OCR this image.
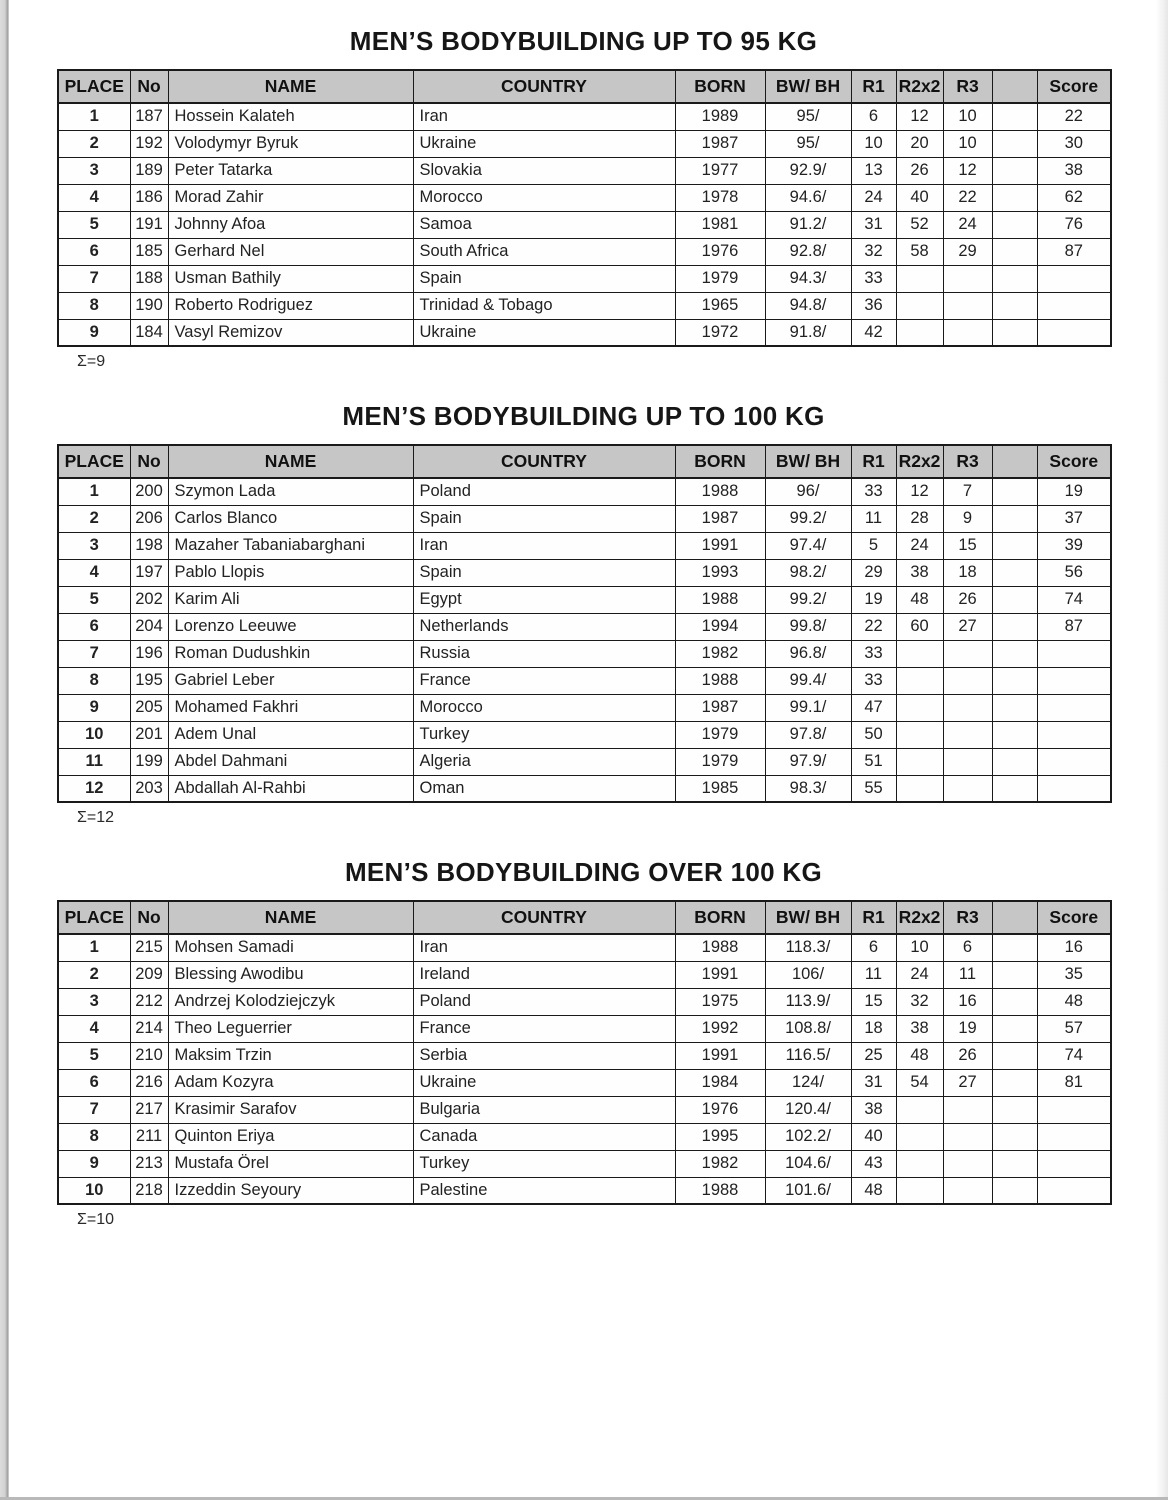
MEN’S BODYBUILDING UP TO 95 KG
PLACE	No	NAME	COUNTRY	BORN	BW/ BH	R1	R2x2	R3		Score
1	187	Hossein Kalateh	Iran	1989	95/	6	12	10		22
2	192	Volodymyr Byruk	Ukraine	1987	95/	10	20	10		30
3	189	Peter Tatarka	Slovakia	1977	92.9/	13	26	12		38
4	186	Morad Zahir	Morocco	1978	94.6/	24	40	22		62
5	191	Johnny Afoa	Samoa	1981	91.2/	31	52	24		76
6	185	Gerhard Nel	South Africa	1976	92.8/	32	58	29		87
7	188	Usman Bathily	Spain	1979	94.3/	33				
8	190	Roberto Rodriguez	Trinidad & Tobago	1965	94.8/	36				
9	184	Vasyl Remizov	Ukraine	1972	91.8/	42				
Σ=9
MEN’S BODYBUILDING UP TO 100 KG
PLACE	No	NAME	COUNTRY	BORN	BW/ BH	R1	R2x2	R3		Score
1	200	Szymon Lada	Poland	1988	96/	33	12	7		19
2	206	Carlos Blanco	Spain	1987	99.2/	11	28	9		37
3	198	Mazaher Tabaniabarghani	Iran	1991	97.4/	5	24	15		39
4	197	Pablo Llopis	Spain	1993	98.2/	29	38	18		56
5	202	Karim Ali	Egypt	1988	99.2/	19	48	26		74
6	204	Lorenzo Leeuwe	Netherlands	1994	99.8/	22	60	27		87
7	196	Roman Dudushkin	Russia	1982	96.8/	33				
8	195	Gabriel Leber	France	1988	99.4/	33				
9	205	Mohamed Fakhri	Morocco	1987	99.1/	47				
10	201	Adem Unal	Turkey	1979	97.8/	50				
11	199	Abdel Dahmani	Algeria	1979	97.9/	51				
12	203	Abdallah Al-Rahbi	Oman	1985	98.3/	55				
Σ=12
MEN’S BODYBUILDING OVER 100 KG
PLACE	No	NAME	COUNTRY	BORN	BW/ BH	R1	R2x2	R3		Score
1	215	Mohsen Samadi	Iran	1988	118.3/	6	10	6		16
2	209	Blessing Awodibu	Ireland	1991	106/	11	24	11		35
3	212	Andrzej Kolodziejczyk	Poland	1975	113.9/	15	32	16		48
4	214	Theo Leguerrier	France	1992	108.8/	18	38	19		57
5	210	Maksim Trzin	Serbia	1991	116.5/	25	48	26		74
6	216	Adam Kozyra	Ukraine	1984	124/	31	54	27		81
7	217	Krasimir Sarafov	Bulgaria	1976	120.4/	38				
8	211	Quinton Eriya	Canada	1995	102.2/	40				
9	213	Mustafa Örel	Turkey	1982	104.6/	43				
10	218	Izzeddin Seyoury	Palestine	1988	101.6/	48				
Σ=10
